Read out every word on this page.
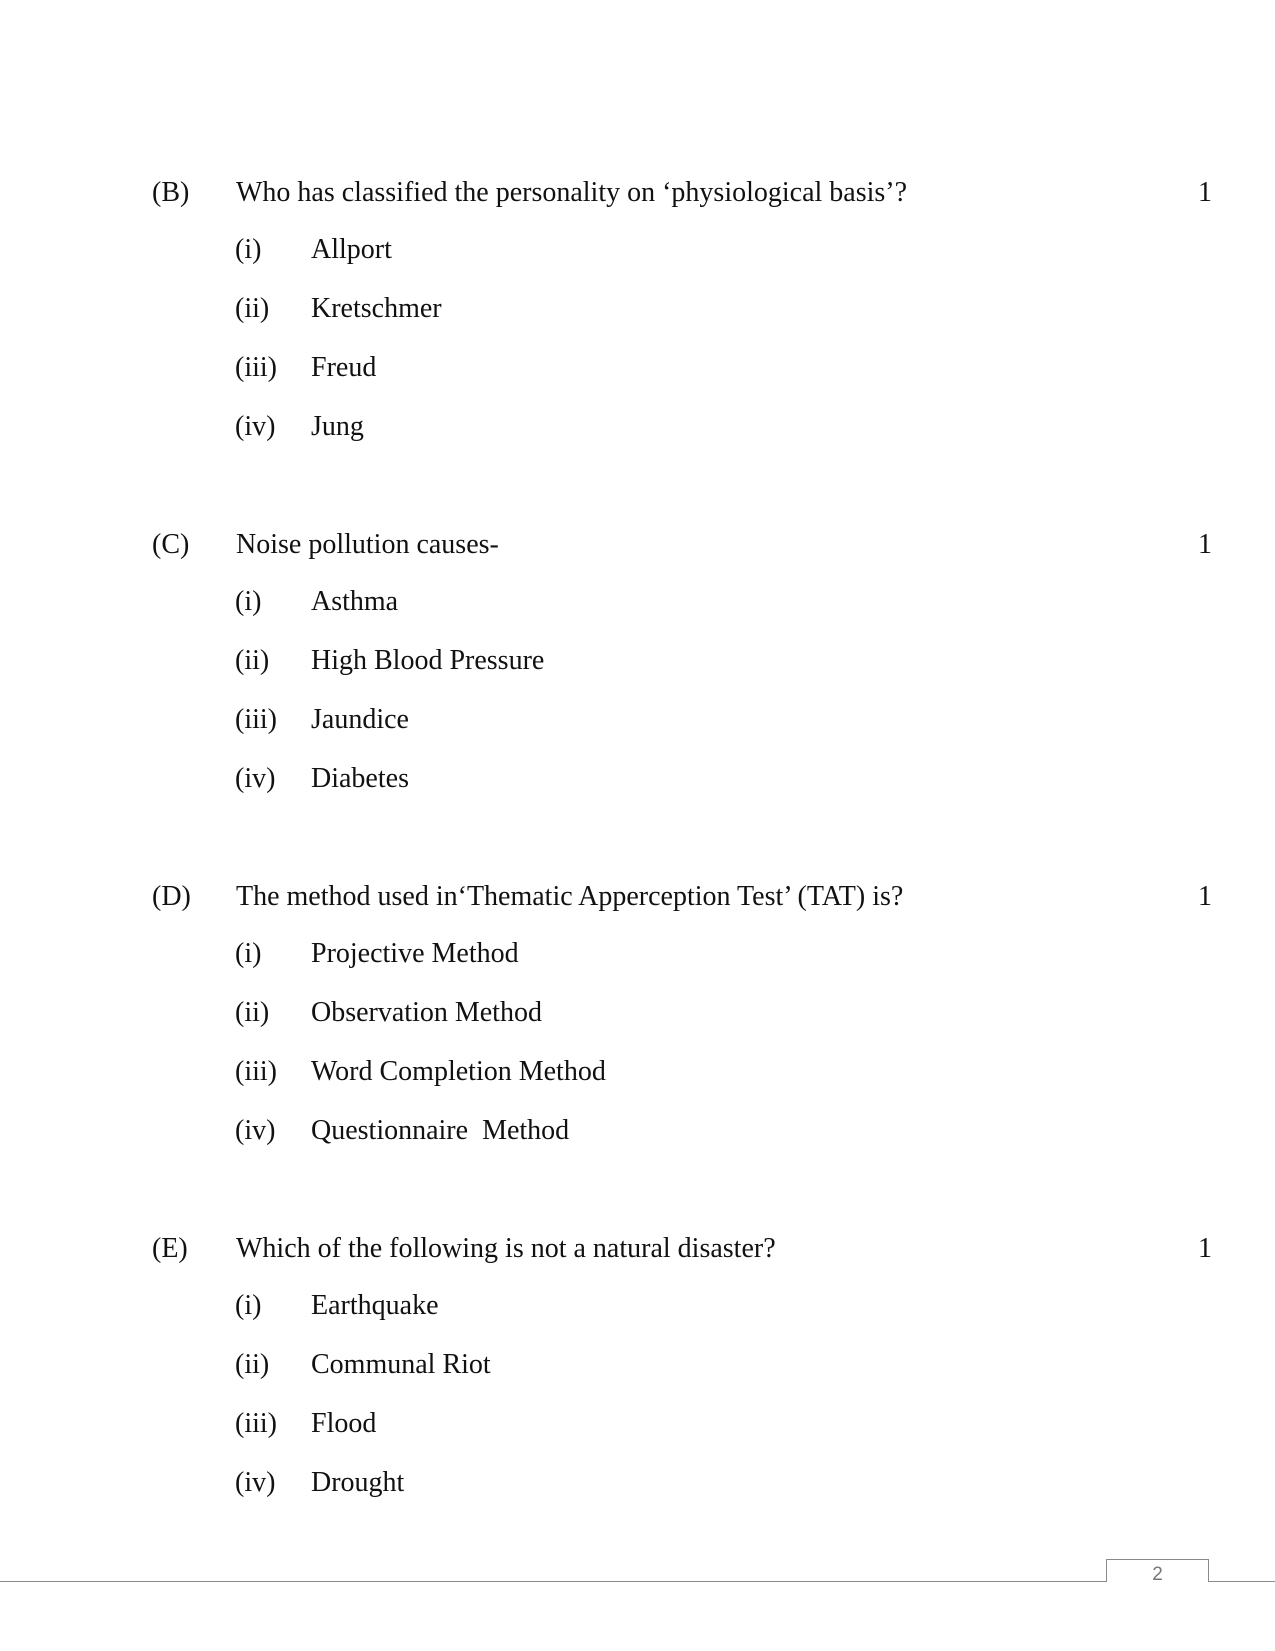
(B) Who has classified the personality on ‘physiological basis’?	1
(i) Allport
(ii) Kretschmer
(iii) Freud
(iv) Jung
(C) Noise pollution causes-	1
(i) Asthma
(ii) High Blood Pressure
(iii) Jaundice
(iv) Diabetes
(D) The method used in‘Thematic Apperception Test’ (TAT) is?	1
(i) Projective Method
(ii) Observation Method
(iii) Word Completion Method
(iv) Questionnaire  Method
(E) Which of the following is not a natural disaster?	1
(i) Earthquake
(ii) Communal Riot
(iii) Flood
(iv) Drought
2
